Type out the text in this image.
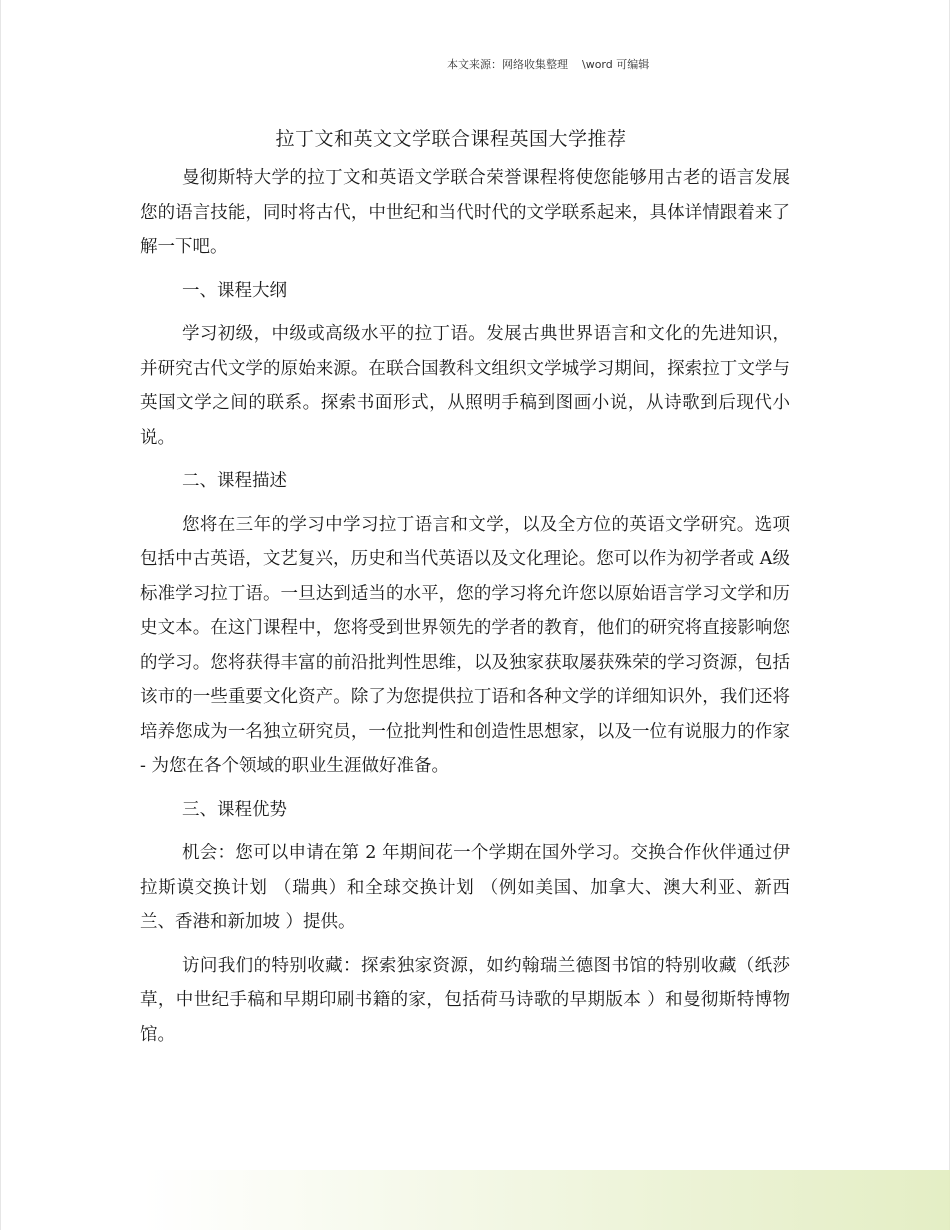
本文来源：网络收集整理    \word 可编辑
拉丁文和英文文学联合课程英国大学推荐

曼彻斯特大学的拉丁文和英语文学联合荣誉课程将使您能够用古老的语言发展您的语言技能，同时将古代，中世纪和当代时代的文学联系起来，具体详情跟着来了解一下吧。

一、课程大纲

学习初级，中级或高级水平的拉丁语。发展古典世界语言和文化的先进知识，并研究古代文学的原始来源。在联合国教科文组织文学城学习期间，探索拉丁文学与英国文学之间的联系。探索书面形式，从照明手稿到图画小说，从诗歌到后现代小说。

二、课程描述

您将在三年的学习中学习拉丁语言和文学，以及全方位的英语文学研究。选项包括中古英语，文艺复兴，历史和当代英语以及文化理论。您可以作为初学者或 A级标准学习拉丁语。一旦达到适当的水平，您的学习将允许您以原始语言学习文学和历史文本。在这门课程中，您将受到世界领先的学者的教育，他们的研究将直接影响您的学习。您将获得丰富的前沿批判性思维，以及独家获取屡获殊荣的学习资源，包括该市的一些重要文化资产。除了为您提供拉丁语和各种文学的详细知识外，我们还将培养您成为一名独立研究员，一位批判性和创造性思想家，以及一位有说服力的作家 - 为您在各个领域的职业生涯做好准备。

三、课程优势

机会：您可以申请在第 2 年期间花一个学期在国外学习。交换合作伙伴通过伊拉斯谟交换计划 （瑞典）和全球交换计划 （例如美国、加拿大、澳大利亚、新西兰、香港和新加坡 ）提供。

访问我们的特别收藏：探索独家资源，如约翰瑞兰德图书馆的特别收藏（纸莎草，中世纪手稿和早期印刷书籍的家，包括荷马诗歌的早期版本 ）和曼彻斯特博物馆。
